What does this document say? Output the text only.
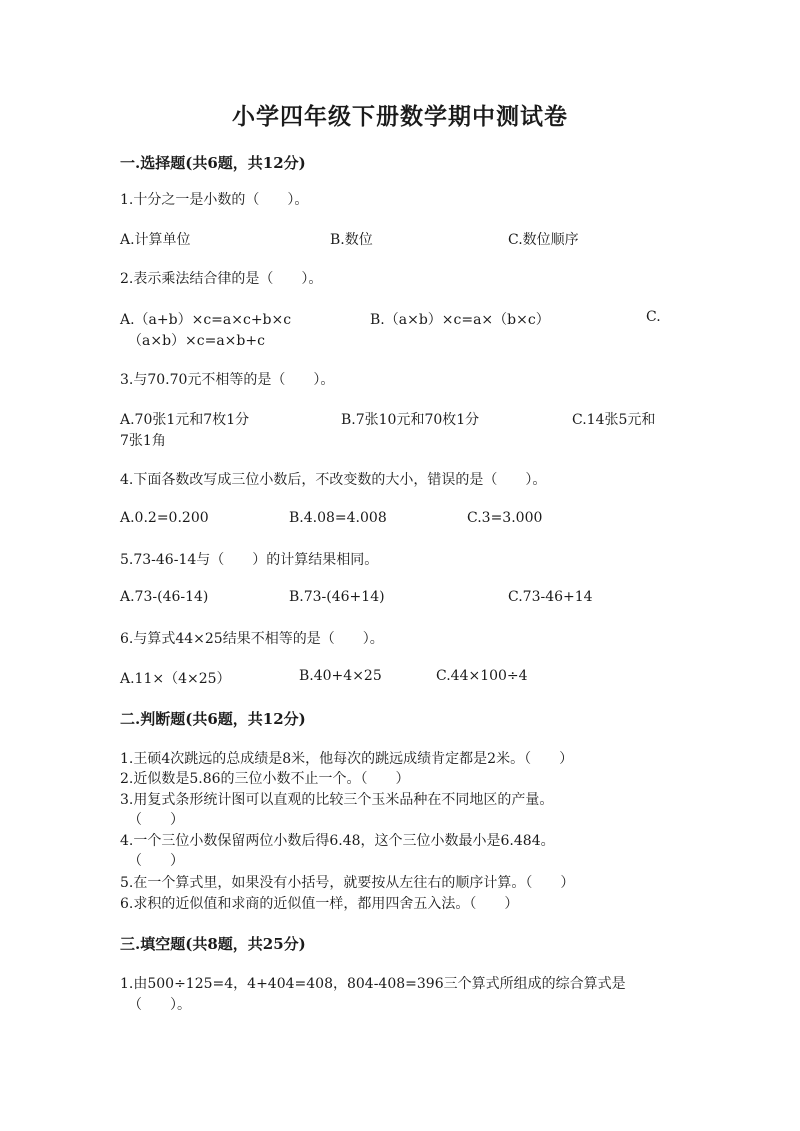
小学四年级下册数学期中测试卷
一.选择题(共6题，共12分)
1.十分之一是小数的（　　）。
A.计算单位	B.数位	C.数位顺序
2.表示乘法结合律的是（　　）。
A.（a+b）×c=a×c+b×c	B.（a×b）×c=a×（b×c）	C.
（a×b）×c=a×b+c
3.与70.70元不相等的是（　　）。
A.70张1元和7枚1分	B.7张10元和70枚1分	C.14张5元和
7张1角
4.下面各数改写成三位小数后，不改变数的大小，错误的是（　　）。
A.0.2=0.200	B.4.08=4.008	C.3=3.000
5.73-46-14与（　　）的计算结果相同。
A.73-(46-14)	B.73-(46+14)	C.73-46+14
6.与算式44×25结果不相等的是（　　）。
A.11×（4×25）	B.40+4×25	C.44×100÷4
二.判断题(共6题，共12分)
1.王硕4次跳远的总成绩是8米，他每次的跳远成绩肯定都是2米。（　　）
2.近似数是5.86的三位小数不止一个。（　　）
3.用复式条形统计图可以直观的比较三个玉米品种在不同地区的产量。
（　　）
4.一个三位小数保留两位小数后得6.48，这个三位小数最小是6.484。
（　　）
5.在一个算式里，如果没有小括号，就要按从左往右的顺序计算。（　　）
6.求积的近似值和求商的近似值一样，都用四舍五入法。（　　）
三.填空题(共8题，共25分)
1.由500÷125=4，4+404=408，804-408=396三个算式所组成的综合算式是
（　　）。
